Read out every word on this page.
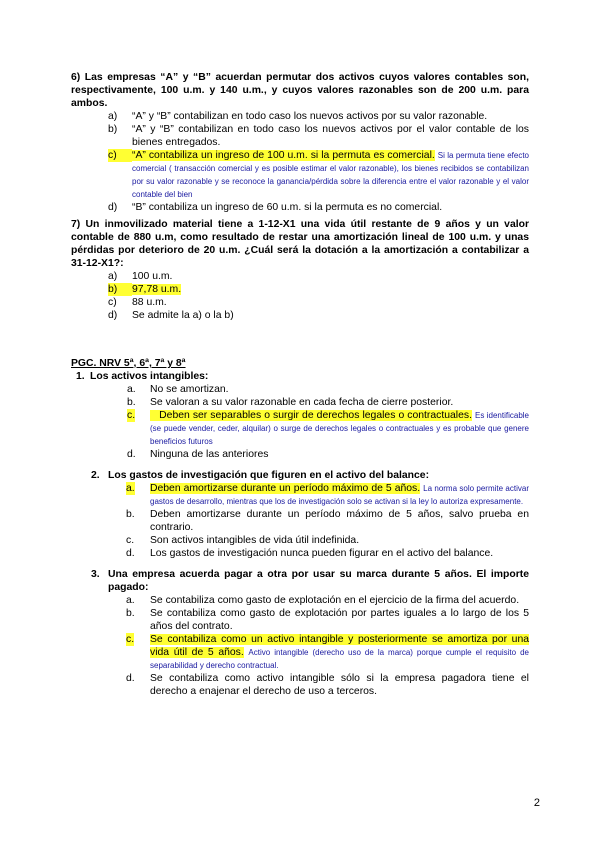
6) Las empresas “A” y “B” acuerdan permutar dos activos cuyos valores contables son, respectivamente, 100 u.m. y 140 u.m., y cuyos valores razonables son de 200 u.m. para ambos.

a)	“A” y “B” contabilizan en todo caso los nuevos activos por su valor razonable.
b)	“A” y “B” contabilizan en todo caso los nuevos activos por el valor contable de los bienes entregados.
c)	“A” contabiliza un ingreso de 100 u.m. si la permuta es comercial. Si la permuta tiene efecto comercial ( transacción comercial y es posible estimar el valor razonable), los bienes recibidos se contabilizan por su valor razonable y se reconoce la ganancia/pérdida sobre la diferencia entre el valor razonable y el valor contable del bien
d)	“B” contabiliza un ingreso de 60 u.m. si la permuta es no comercial.

7) Un inmovilizado material tiene a 1-12-X1 una vida útil restante de 9 años y un valor contable de 880 u.m, como resultado de restar una amortización lineal de 100 u.m. y unas pérdidas por deterioro de 20 u.m. ¿Cuál será la dotación a la amortización a contabilizar a 31-12-X1?:

a)	100 u.m.
b)	97,78 u.m.
c)	88 u.m.
d)	Se admite la a) o la b)

PGC. NRV 5ª, 6ª, 7ª y 8ª

1. Los activos intangibles:
a. No se amortizan.
b. Se valoran a su valor razonable en cada fecha de cierre posterior.
c.	Deben ser separables o surgir de derechos legales o contractuales. Es identificable (se puede vender, ceder, alquilar) o surge de derechos legales o contractuales y es probable que genere beneficios futuros
d. Ninguna de las anteriores
2. Los gastos de investigación que figuren en el activo del balance:
a. Deben amortizarse durante un período máximo de 5 años. La norma solo permite activar gastos de desarrollo, mientras que los de investigación solo se activan si la ley lo autoriza expresamente.
b. Deben amortizarse durante un período máximo de 5 años, salvo prueba en contrario.
c. Son activos intangibles de vida útil indefinida.
d. Los gastos de investigación nunca pueden figurar en el activo del balance.
3. Una empresa acuerda pagar a otra por usar su marca durante 5 años. El importe pagado:
a. Se contabiliza como gasto de explotación en el ejercicio de la firma del acuerdo.
b. Se contabiliza como gasto de explotación por partes iguales a lo largo de los 5 años del contrato.
c. Se contabiliza como un activo intangible y posteriormente se amortiza por una vida útil de 5 años. Activo intangible (derecho uso de la marca) porque cumple el requisito de separabilidad y derecho contractual.
d. Se contabiliza como activo intangible sólo si la empresa pagadora tiene el derecho a enajenar el derecho de uso a terceros.
2
